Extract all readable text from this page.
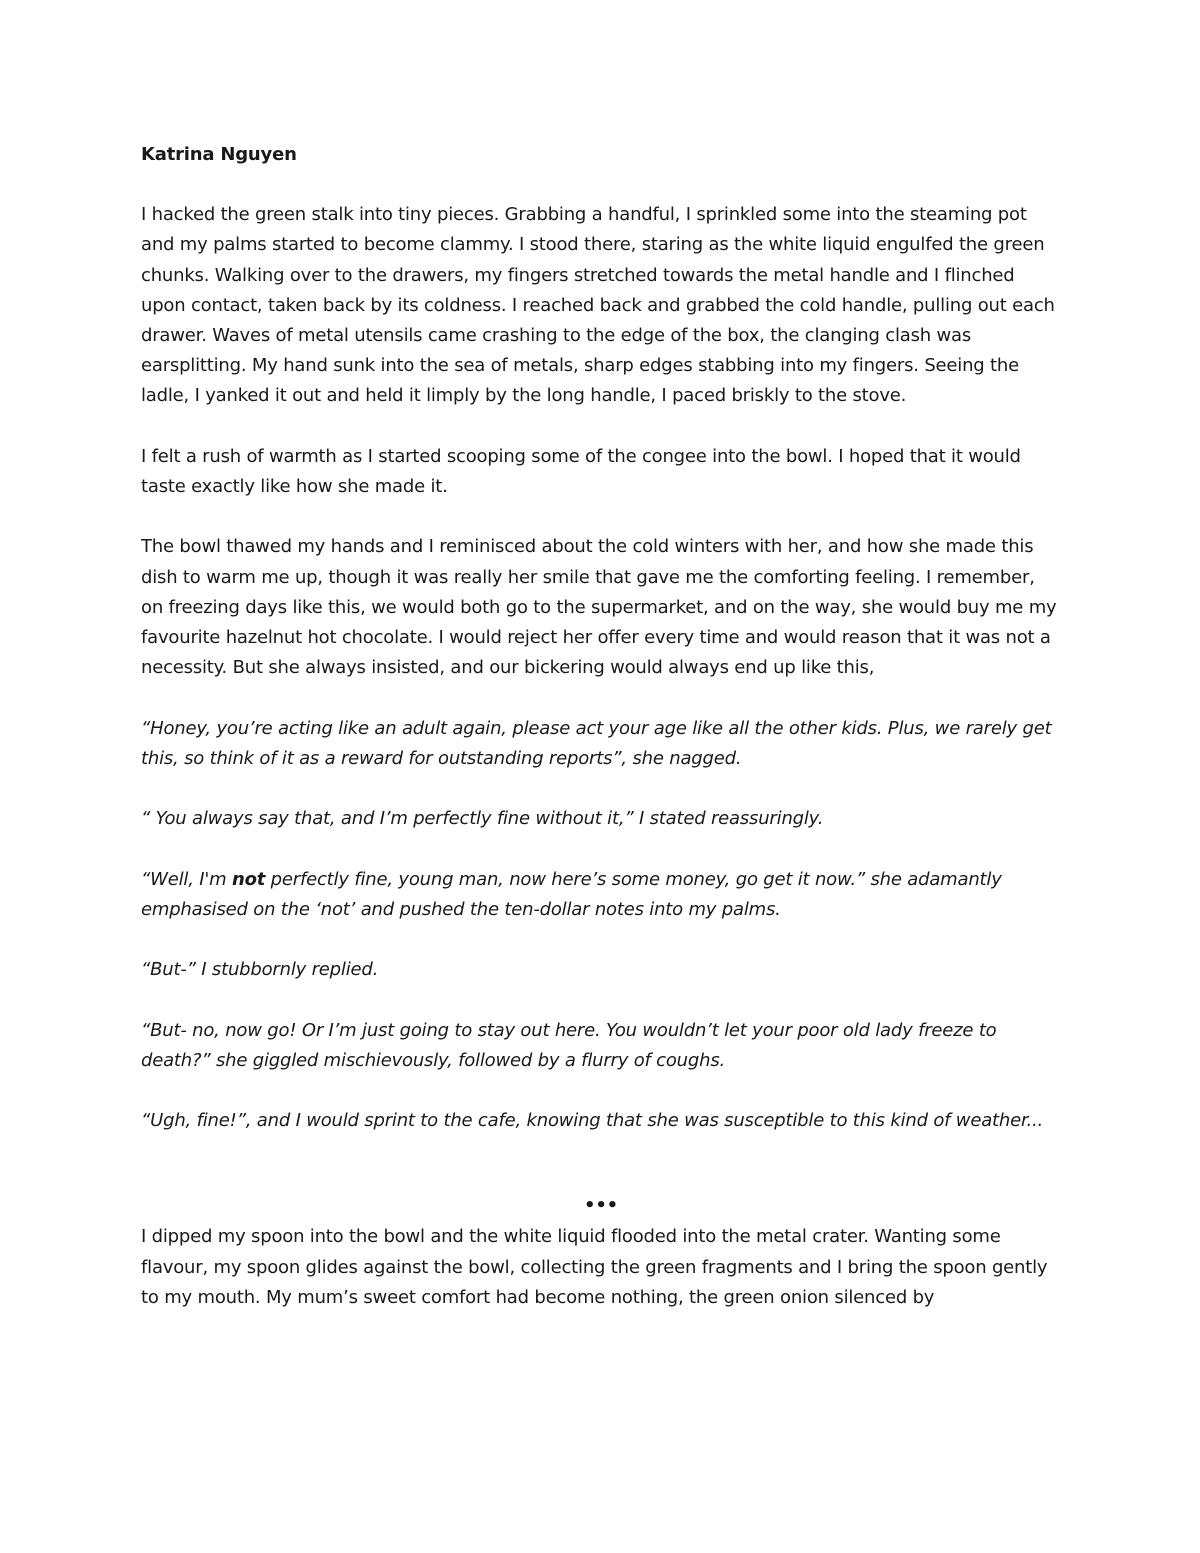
Katrina Nguyen

I hacked the green stalk into tiny pieces. Grabbing a handful, I sprinkled some into the steaming pot and my palms started to become clammy. I stood there, staring as the white liquid engulfed the green chunks. Walking over to the drawers, my fingers stretched towards the metal handle and I flinched upon contact, taken back by its coldness. I reached back and grabbed the cold handle, pulling out each drawer. Waves of metal utensils came crashing to the edge of the box, the clanging clash was earsplitting. My hand sunk into the sea of metals, sharp edges stabbing into my fingers. Seeing the ladle, I yanked it out and held it limply by the long handle, I paced briskly to the stove.

I felt a rush of warmth as I started scooping some of the congee into the bowl. I hoped that it would taste exactly like how she made it.

The bowl thawed my hands and I reminisced about the cold winters with her, and how she made this dish to warm me up, though it was really her smile that gave me the comforting feeling. I remember, on freezing days like this, we would both go to the supermarket, and on the way, she would buy me my favourite hazelnut hot chocolate. I would reject her offer every time and would reason that it was not a necessity. But she always insisted, and our bickering would always end up like this,

“Honey, you’re acting like an adult again, please act your age like all the other kids. Plus, we rarely get this, so think of it as a reward for outstanding reports”, she nagged.

“ You always say that, and I’m perfectly fine without it,” I stated reassuringly.

“Well, I'm not perfectly fine, young man, now here’s some money, go get it now.” she adamantly emphasised on the ‘not’ and pushed the ten-dollar notes into my palms.

“But-” I stubbornly replied.

“But- no, now go! Or I’m just going to stay out here. You wouldn’t let your poor old lady freeze to death?” she giggled mischievously, followed by a flurry of coughs.

“Ugh, fine!”, and I would sprint to the cafe, knowing that she was susceptible to this kind of weather...

•••

I dipped my spoon into the bowl and the white liquid flooded into the metal crater. Wanting some flavour, my spoon glides against the bowl, collecting the green fragments and I bring the spoon gently to my mouth. My mum’s sweet comfort had become nothing, the green onion silenced by
